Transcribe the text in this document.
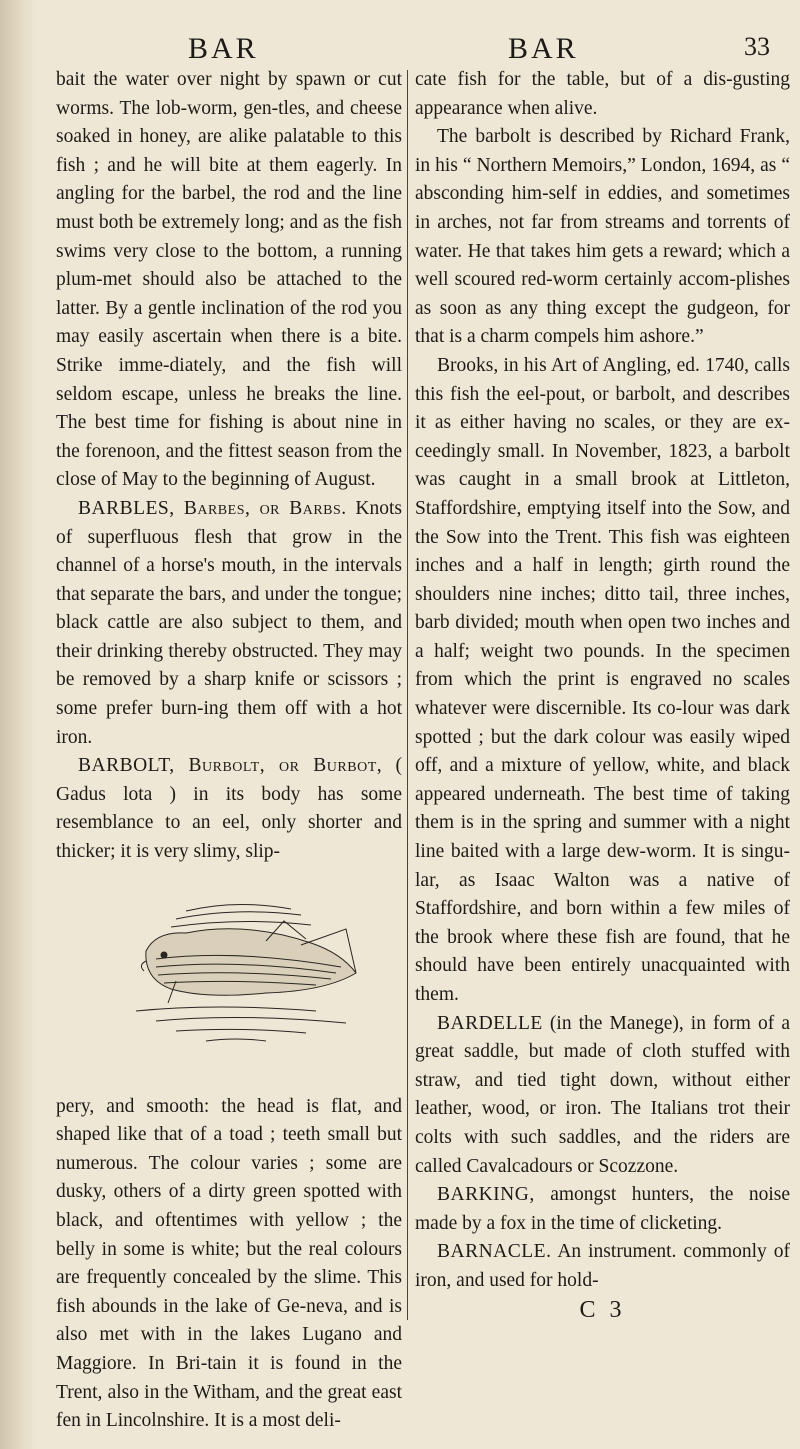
BAR	BAR	33

bait the water over night by spawn or cut worms. The lob-worm, gen-tles, and cheese soaked in honey, are alike palatable to this fish ; and he will bite at them eagerly. In angling for the barbel, the rod and the line must both be extremely long; and as the fish swims very close to the bottom, a running plum-met should also be attached to the latter. By a gentle inclination of the rod you may easily ascertain when there is a bite. Strike imme-diately, and the fish will seldom escape, unless he breaks the line. The best time for fishing is about nine in the forenoon, and the fittest season from the close of May to the beginning of August.

BARBLES, Barbes, or Barbs. Knots of superfluous flesh that grow in the channel of a horse's mouth, in the intervals that separate the bars, and under the tongue; black cattle are also subject to them, and their drinking thereby obstructed. They may be removed by a sharp knife or scissors ; some prefer burn-ing them off with a hot iron.

BARBOLT, Burbolt, or Burbot, ( Gadus lota ) in its body has some resemblance to an eel, only shorter and thicker; it is very slimy, slip-

pery, and smooth: the head is flat, and shaped like that of a toad ; teeth small but numerous. The colour varies ; some are dusky, others of a dirty green spotted with black, and oftentimes with yellow ; the belly in some is white; but the real colours are frequently concealed by the slime. This fish abounds in the lake of Ge-neva, and is also met with in the lakes Lugano and Maggiore. In Bri-tain it is found in the Trent, also in the Witham, and the great east fen in Lincolnshire. It is a most deli-

cate fish for the table, but of a dis-gusting appearance when alive.

The barbolt is described by Richard Frank, in his “ Northern Memoirs,” London, 1694, as “ absconding him-self in eddies, and sometimes in arches, not far from streams and torrents of water. He that takes him gets a reward; which a well scoured red-worm certainly accom-plishes as soon as any thing except the gudgeon, for that is a charm compels him ashore.”

Brooks, in his Art of Angling, ed. 1740, calls this fish the eel-pout, or barbolt, and describes it as either having no scales, or they are ex-ceedingly small. In November, 1823, a barbolt was caught in a small brook at Littleton, Staffordshire, emptying itself into the Sow, and the Sow into the Trent. This fish was eighteen inches and a half in length; girth round the shoulders nine inches; ditto tail, three inches, barb divided; mouth when open two inches and a half; weight two pounds. In the specimen from which the print is engraved no scales whatever were discernible. Its co-lour was dark spotted ; but the dark colour was easily wiped off, and a mixture of yellow, white, and black appeared underneath. The best time of taking them is in the spring and summer with a night line baited with a large dew-worm. It is singu-lar, as Isaac Walton was a native of Staffordshire, and born within a few miles of the brook where these fish are found, that he should have been entirely unacquainted with them.

BARDELLE (in the Manege), in form of a great saddle, but made of cloth stuffed with straw, and tied tight down, without either leather, wood, or iron. The Italians trot their colts with such saddles, and the riders are called Cavalcadours or Scozzone.

BARKING, amongst hunters, the noise made by a fox in the time of clicketing.

BARNACLE. An instrument. commonly of iron, and used for hold-

C 3
